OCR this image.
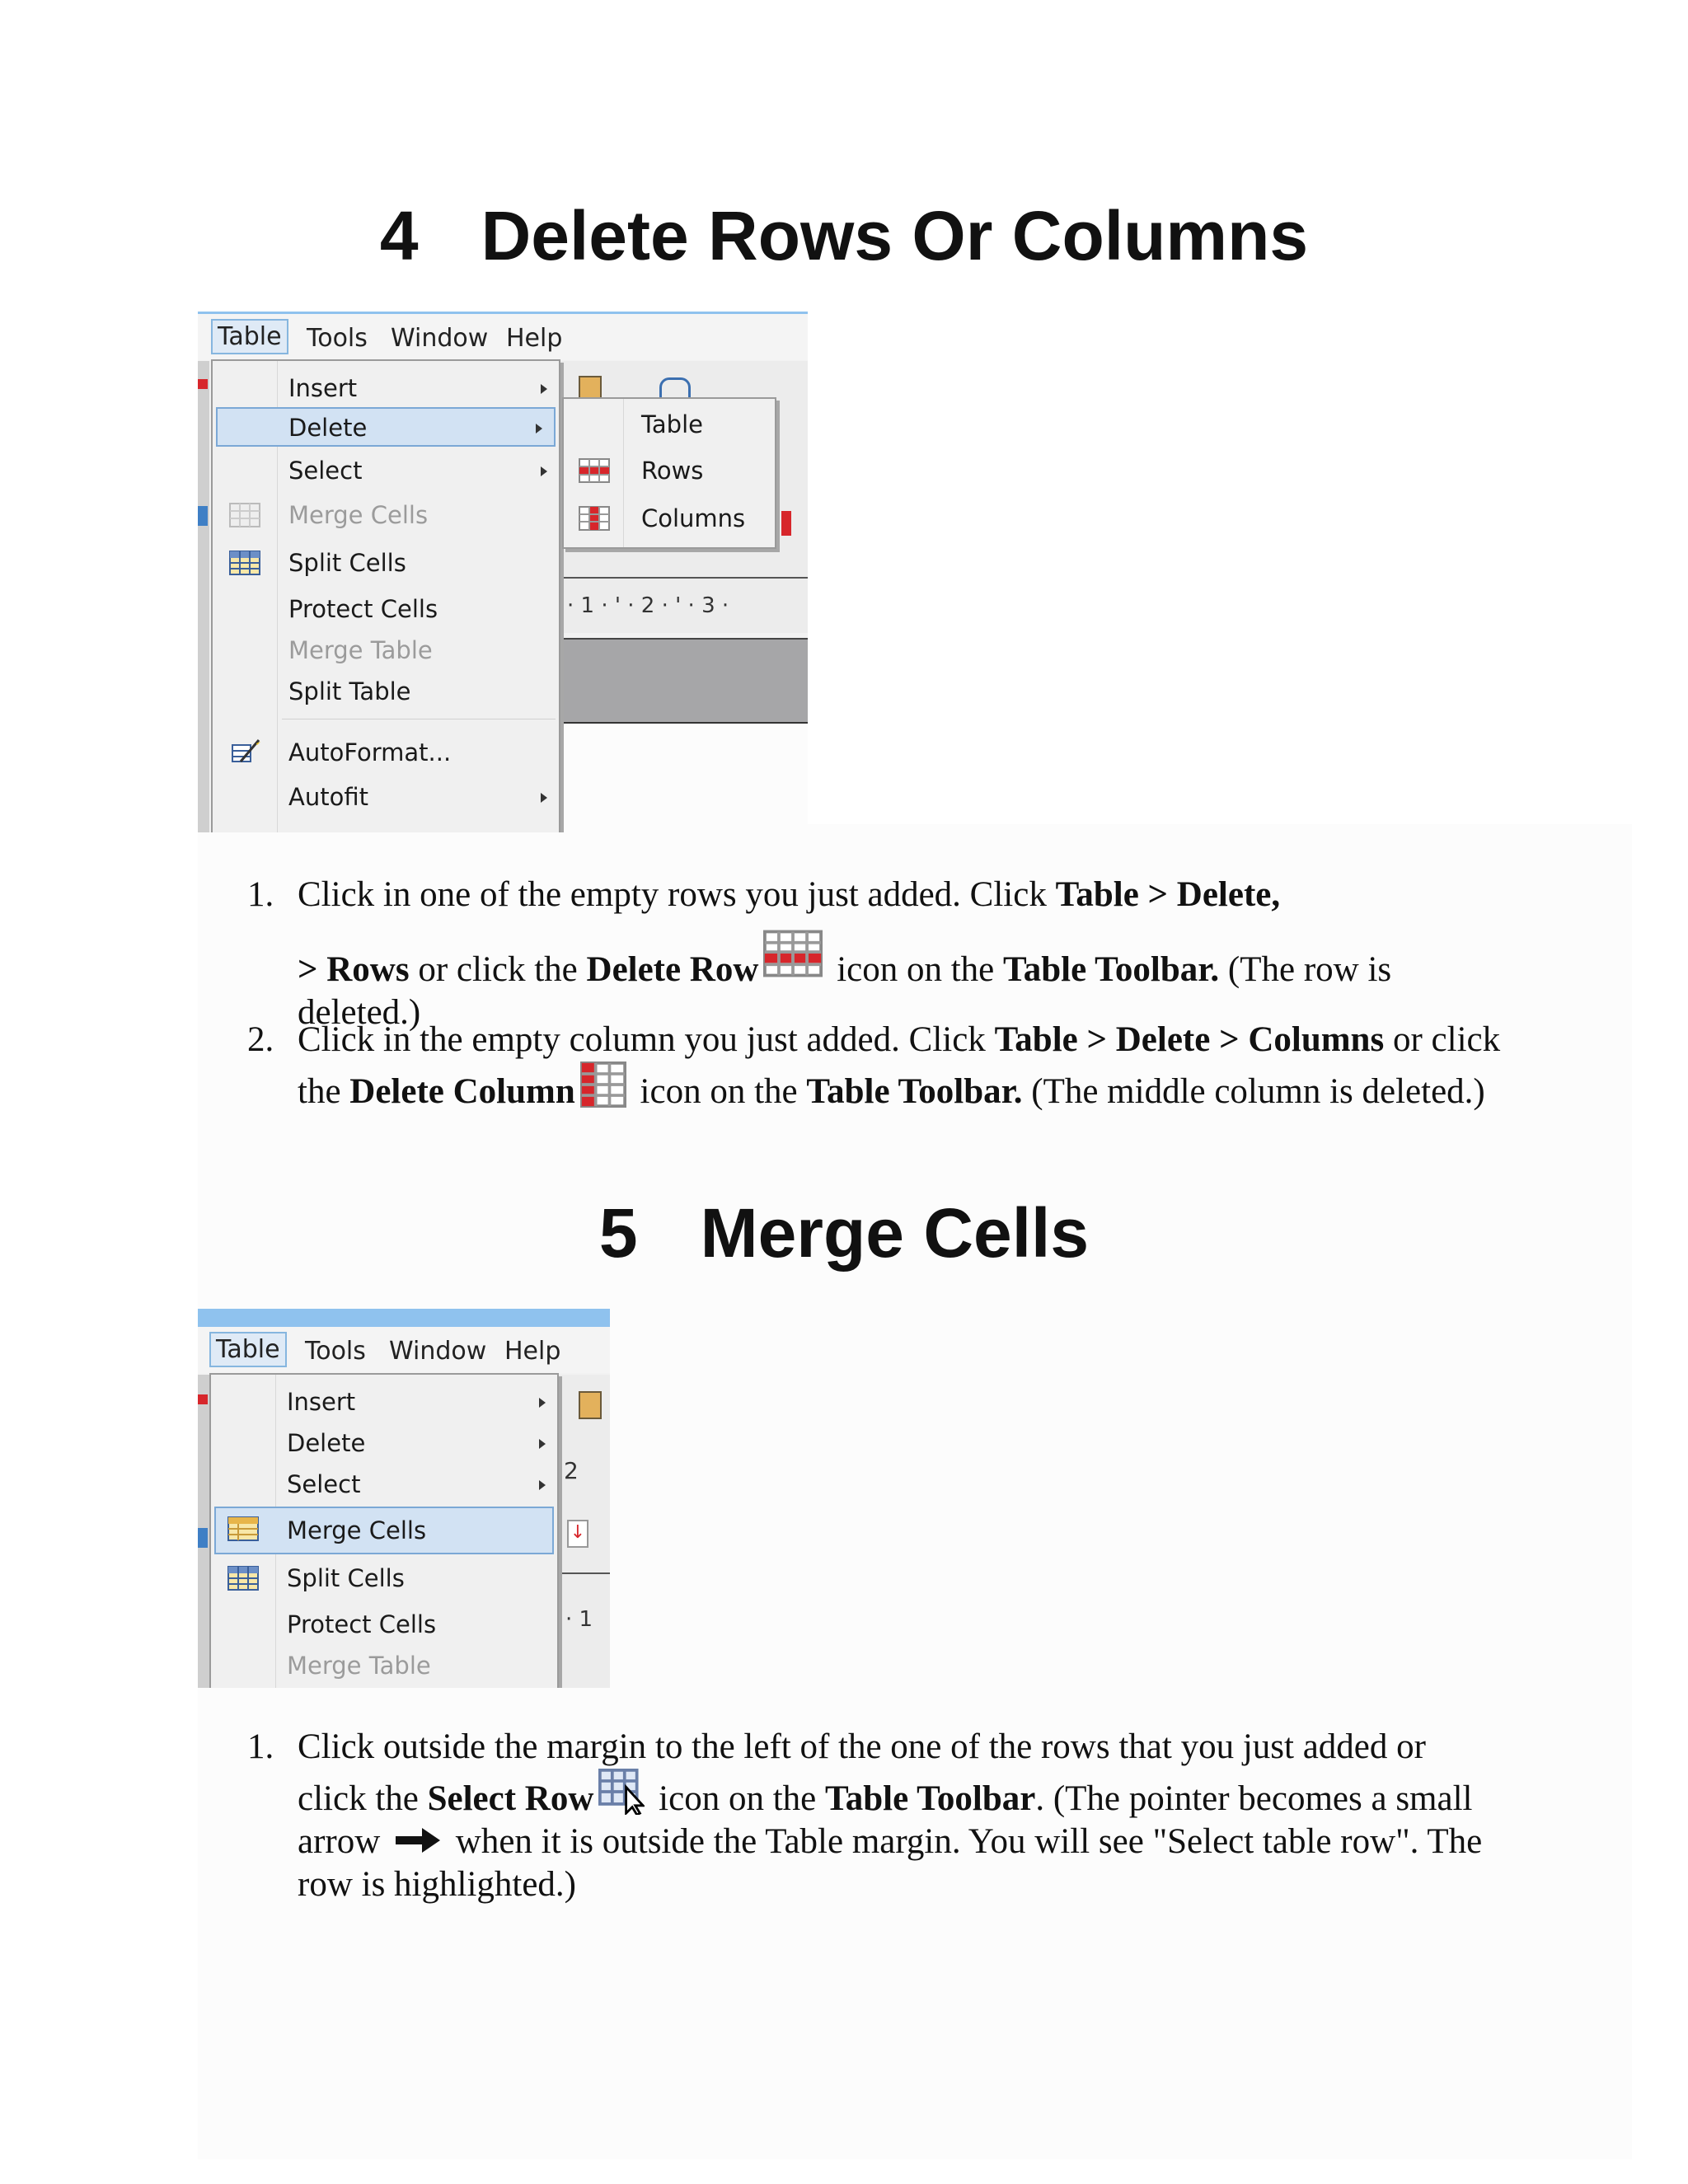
4 Delete Rows Or Columns
Table Tools Window Help
· 1 · ' · 2 · ' · 3 ·
Insert
Delete
Select
Merge Cells
Split Cells
Protect Cells
Merge Table
Split Table
AutoFormat...
Autofit
Table
Rows
Columns
1. Click in one of the empty rows you just added. Click Table > Delete,
> Rows or click the Delete Row icon on the Table Toolbar. (The row is deleted.)
2. Click in the empty column you just added. Click Table > Delete > Columns or click the Delete Column icon on the Table Toolbar. (The middle column is deleted.)
5 Merge Cells
Table Tools Window Help
2
↓
· 1
Insert
Delete
Select
Merge Cells
Split Cells
Protect Cells
Merge Table
1. Click outside the margin to the left of the one of the rows that you just added or click the Select Row icon on the Table Toolbar. (The pointer becomes a small arrow  when it is outside the Table margin. You will see "Select table row". The row is highlighted.)
